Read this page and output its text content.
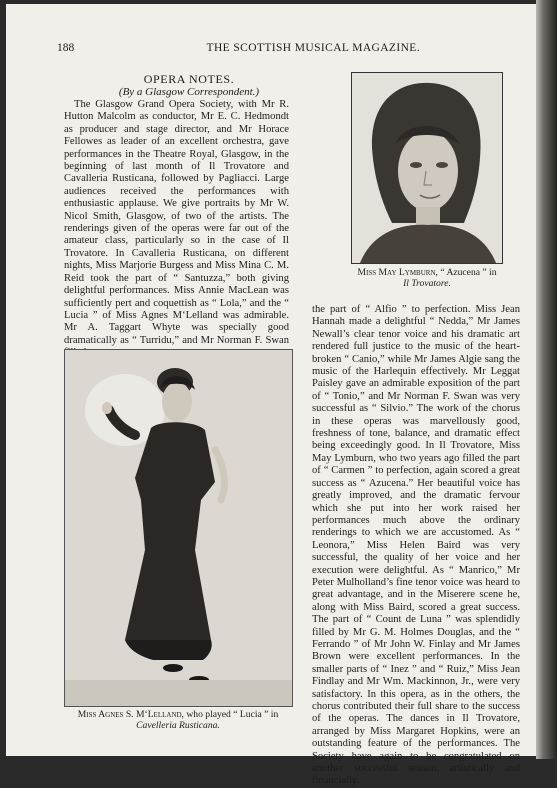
188	THE SCOTTISH MUSICAL MAGAZINE.
OPERA NOTES.
(By a Glasgow Correspondent.)

The Glasgow Grand Opera Society, with Mr R. Hutton Malcolm as conductor, Mr E. C. Hedmondt as producer and stage director, and Mr Horace Fellowes as leader of an excellent orchestra, gave performances in the Theatre Royal, Glasgow, in the beginning of last month of Il Trovatore and Cavalleria Rusticana, followed by Pagliacci. Large audiences received the performances with enthusiastic applause. We give portraits by Mr W. Nicol Smith, Glasgow, of two of the artists. The renderings given of the operas were far out of the amateur class, particularly so in the case of Il Trovatore. In Cavalleria Rusticana, on different nights, Miss Marjorie Burgess and Miss Mina C. M. Reid took the part of “ Santuzza,” both giving delightful performances. Miss Annie MacLean was sufficiently pert and coquettish as “ Lola,” and the “ Lucia ” of Miss Agnes M‘Lelland was admirable. Mr A. Taggart Whyte was specially good dramatically as “ Turridu,” and Mr Norman F. Swan

Miss May Lymburn, “ Azucena ” in
Il Trovatore.

the part of “ Alfio ” to perfection. Miss Jean Hannah made a delightful “ Nedda,” Mr James Newall’s clear tenor voice and his dramatic art rendered full justice to the music of the heart-broken “ Canio,” while Mr James Algie sang the music of the Harlequin effectively. Mr Leggat Paisley gave an admirable exposition of the part of “ Tonio,” and Mr Norman F. Swan was very successful as “ Silvio.” The work of the chorus in these operas was marvellously good, freshness of tone, balance, and dramatic effect being exceedingly good. In Il Trovatore, Miss May Lymburn, who two years ago filled the part of “ Carmen ” to perfection, again scored a great success as “ Azucena.” Her beautiful voice has greatly improved, and the dramatic fervour which she put into her work raised her performances much above the ordinary renderings to which we are accustomed. As “ Leonora,” Miss Helen Baird was very successful, the quality of her voice and her execution were delightful. As “ Manrico,” Mr Peter Mulholland’s fine tenor voice was heard to great advantage, and in the Miserere scene he, along with Miss Baird, scored a great success. The part of “ Count de Luna ” was splendidly filled by Mr G. M. Holmes Douglas, and the “ Ferrando ” of Mr John W. Finlay and Mr James Brown were excellent performances. In the smaller parts of “ Inez ” and “ Ruiz,” Miss Jean Findlay and Mr Wm. Mackinnon, Jr., were very satisfactory. In this opera, as in the others, the chorus contributed their full share to the success of the operas. The dances in Il Trovatore, arranged by Miss Margaret Hopkins, were an outstanding feature of the performances. The Society have again to be congratulated on another successful season, artistically and financially.

Miss Agnes S. M‘Lelland, who played “ Lucia ” in
Cavelleria Rusticana.
